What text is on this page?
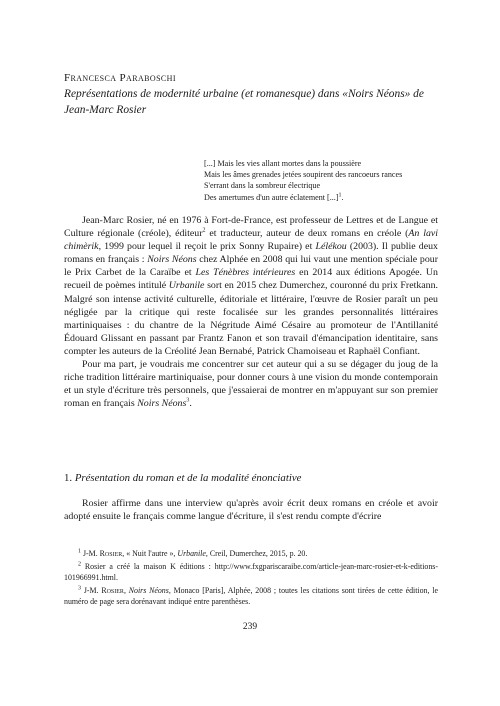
Francesca Paraboschi
Représentations de modernité urbaine (et romanesque) dans «Noirs Néons» de Jean-Marc Rosier
[...] Mais les vies allant mortes dans la poussière
Mais les âmes grenades jetées soupirent des rancoeurs rances
S'errant dans la sombreur électrique
Des amertumes d'un autre éclatement [...]$^1$.

Jean-Marc Rosier, né en 1976 à Fort-de-France, est professeur de Lettres et de Langue et Culture régionale (créole), éditeur$^2$ et traducteur, auteur de deux romans en créole (An lavi chimèrik, 1999 pour lequel il reçoit le prix Sonny Rupaire) et Lélékou (2003). Il publie deux romans en français : Noirs Néons chez Alphée en 2008 qui lui vaut une mention spéciale pour le Prix Carbet de la Caraïbe et Les Ténèbres intérieures en 2014 aux éditions Apogée. Un recueil de poèmes intitulé Urbanile sort en 2015 chez Dumerchez, couronné du prix Fretkann. Malgré son intense activité culturelle, éditoriale et littéraire, l'œuvre de Rosier paraît un peu négligée par la critique qui reste focalisée sur les grandes personnalités littéraires martiniquaises : du chantre de la Négritude Aimé Césaire au promoteur de l'Antillanité Édouard Glissant en passant par Frantz Fanon et son travail d'émancipation identitaire, sans compter les auteurs de la Créolité Jean Bernabé, Patrick Chamoiseau et Raphaël Confiant.

Pour ma part, je voudrais me concentrer sur cet auteur qui a su se dégager du joug de la riche tradition littéraire martiniquaise, pour donner cours à une vision du monde contemporain et un style d'écriture très personnels, que j'essaierai de montrer en m'appuyant sur son premier roman en français Noirs Néons$^3$.

1. Présentation du roman et de la modalité énonciative

Rosier affirme dans une interview qu'après avoir écrit deux romans en créole et avoir adopté ensuite le français comme langue d'écriture, il s'est rendu compte d'écrire

$^1$ J-M. Rosier, « Nuit l'autre », Urbanile, Creil, Dumerchez, 2015, p. 20.

$^2$ Rosier a créé la maison K éditions : http://www.fxgpariscaraibe.com/article-jean-marc-rosier-et-k-editions-101966991.html.

$^3$ J-M. Rosier, Noirs Néons, Monaco [Paris], Alphée, 2008 ; toutes les citations sont tirées de cette édition, le numéro de page sera dorénavant indiqué entre parenthèses.

239
